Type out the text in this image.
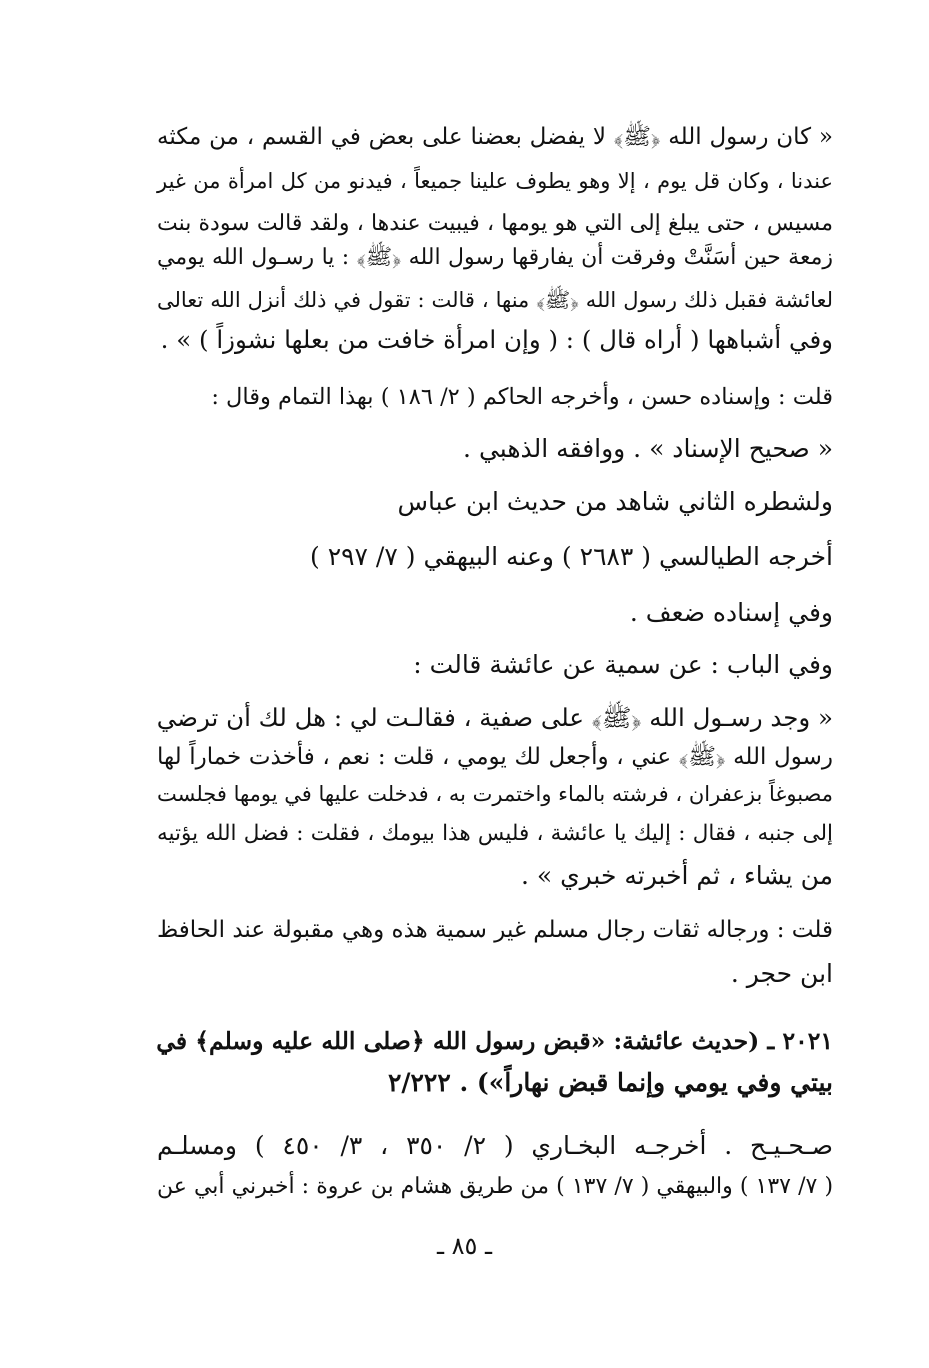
« كان رسول الله ﴿ﷺ﴾ لا يفضل بعضنا على بعض في القسم ، من مكثه
عندنا ، وكان قل يوم ، إلا وهو يطوف علينا جميعاً ، فيدنو من كل امرأة من غير
مسيس ، حتى يبلغ إلى التي هو يومها ، فيبيت عندها ، ولقد قالت سودة بنت
زمعة حين أسَنَّتْ وفرقت أن يفارقها رسول الله ﴿ﷺ﴾ : يا رسـول الله يومي
لعائشة فقبل ذلك رسول الله ﴿ﷺ﴾ منها ، قالت : تقول في ذلك أنزل الله تعالى
وفي أشباهها ( أراه قال ) : ( وإن امرأة خافت من بعلها نشوزاً ) » .
قلت : وإسناده حسن ، وأخرجه الحاكم ( ٢/ ١٨٦ ) بهذا التمام وقال :
« صحيح الإسناد » . ووافقه الذهبي .
ولشطره الثاني شاهد من حديث ابن عباس
أخرجه الطيالسي ( ٢٦٨٣ ) وعنه البيهقي ( ٧/ ٢٩٧ )
وفي إسناده ضعف .
وفي الباب : عن سمية عن عائشة قالت :
« وجد رسـول الله ﴿ﷺ﴾ على صفية ، فقالـت لي : هل لك أن ترضي
رسول الله ﴿ﷺ﴾ عني ، وأجعل لك يومي ، قلت : نعم ، فأخذت خماراً لها
مصبوغاً بزعفران ، فرشته بالماء واختمرت به ، فدخلت عليها في يومها فجلست
إلى جنبه ، فقال : إليك يا عائشة ، فليس هذا بيومك ، فقلت : فضل الله يؤتيه
من يشاء ، ثم أخبرته خبري » .
قلت : ورجاله ثقات رجال مسلم غير سمية هذه وهي مقبولة عند الحافظ
ابن حجر .
٢٠٢١ ـ (حديث عائشة: «قبض رسول الله ﴿صلى الله عليه وسلم﴾ في
بيتي وفي يومي وإنما قبض نهاراً») . ٢/٢٢٢
صـحـيـح . أخرجـه البخـاري ( ٢/ ٣٥٠ ، ٣/ ٤٥٠ ) ومسلـم
( ٧/ ١٣٧ ) والبيهقي ( ٧/ ١٣٧ ) من طريق هشام بن عروة : أخبرني أبي عن
ـ ٨٥ ـ
